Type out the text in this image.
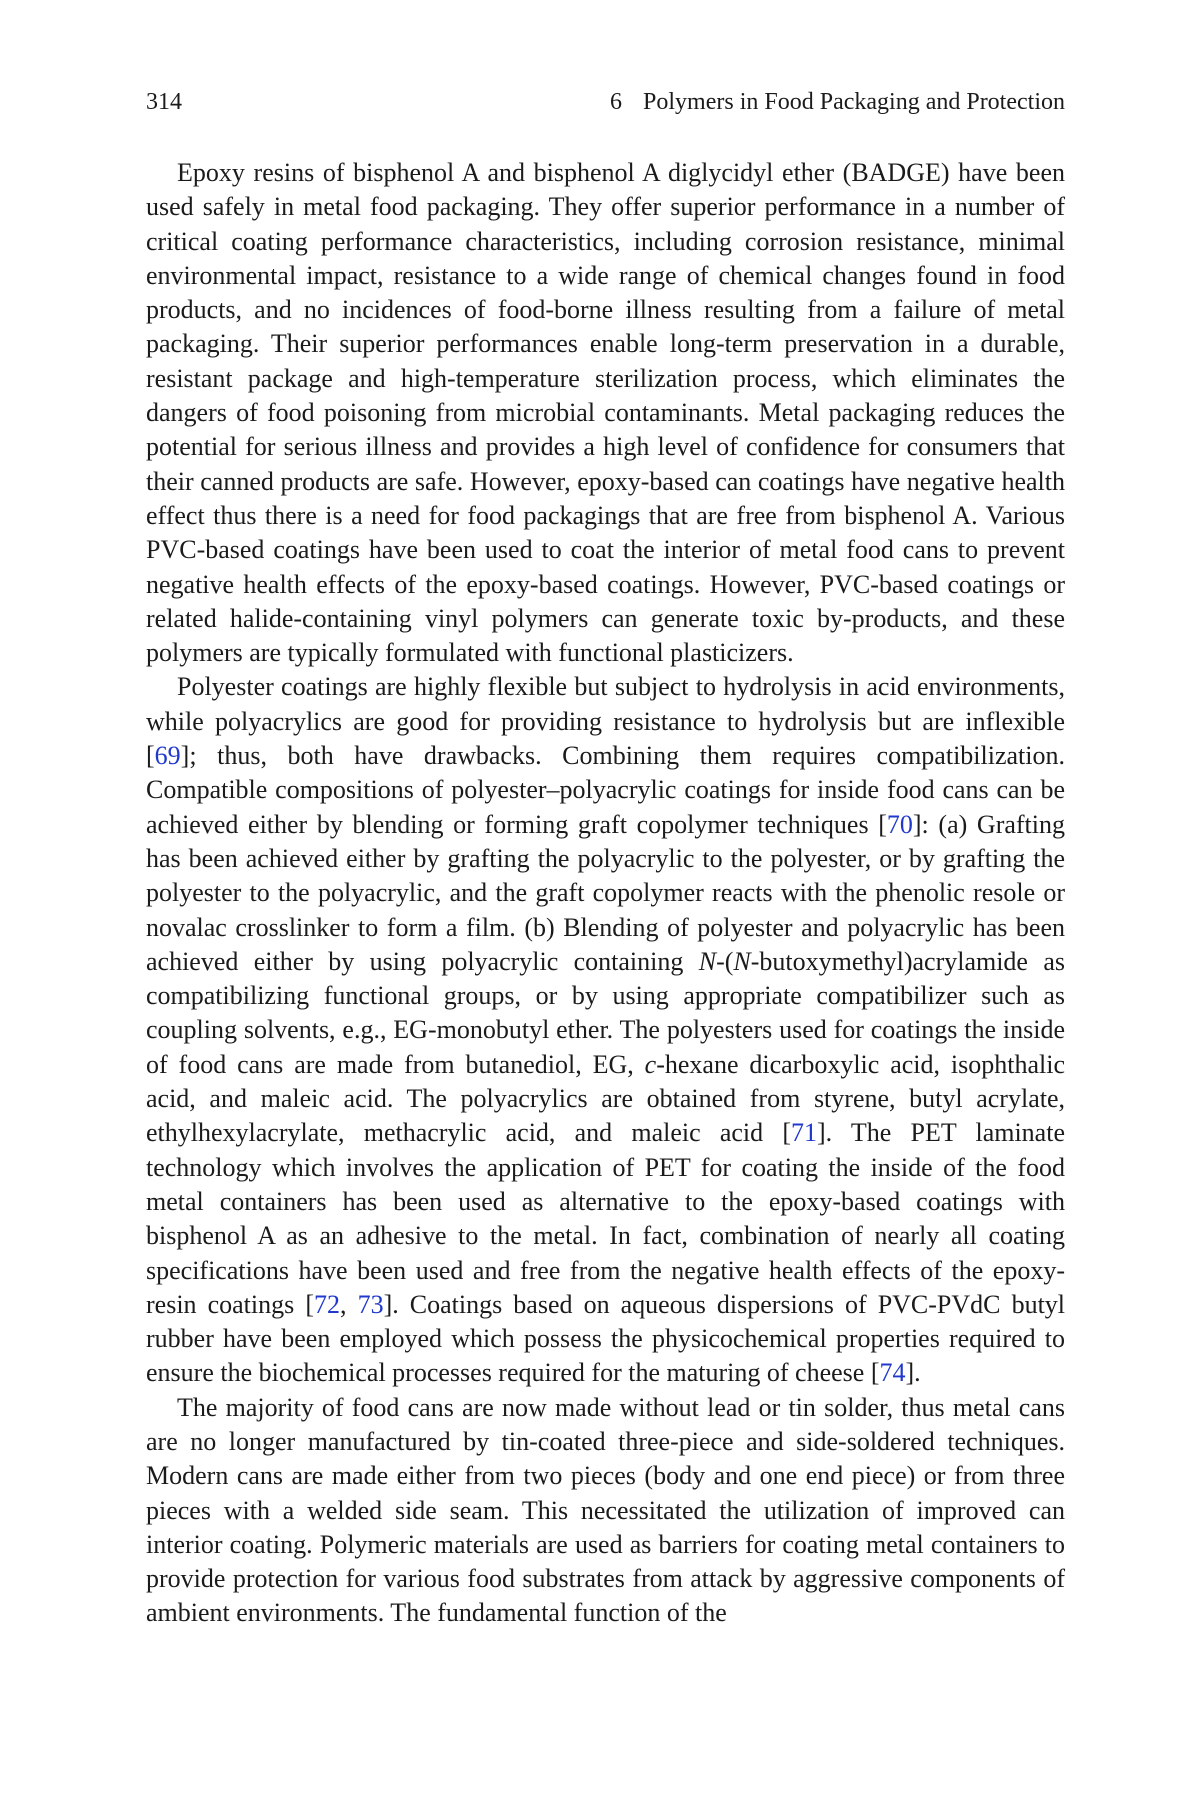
314	6 Polymers in Food Packaging and Protection

Epoxy resins of bisphenol A and bisphenol A diglycidyl ether (BADGE) have been used safely in metal food packaging. They offer superior performance in a number of critical coating performance characteristics, including corrosion resistance, minimal environmental impact, resistance to a wide range of chemical changes found in food products, and no incidences of food-borne illness resulting from a failure of metal packaging. Their superior performances enable long-term preservation in a durable, resistant package and high-temperature sterilization process, which eliminates the dangers of food poisoning from microbial contaminants. Metal packaging reduces the potential for serious illness and provides a high level of confidence for consumers that their canned products are safe. However, epoxy-based can coatings have negative health effect thus there is a need for food packagings that are free from bisphenol A. Various PVC-based coatings have been used to coat the interior of metal food cans to prevent negative health effects of the epoxy-based coatings. However, PVC-based coatings or related halide-containing vinyl polymers can generate toxic by-products, and these polymers are typically formulated with functional plasticizers.

Polyester coatings are highly flexible but subject to hydrolysis in acid environments, while polyacrylics are good for providing resistance to hydrolysis but are inflexible [69]; thus, both have drawbacks. Combining them requires compatibilization. Compatible compositions of polyester–polyacrylic coatings for inside food cans can be achieved either by blending or forming graft copolymer techniques [70]: (a) Grafting has been achieved either by grafting the polyacrylic to the polyester, or by grafting the polyester to the polyacrylic, and the graft copolymer reacts with the phenolic resole or novalac crosslinker to form a film. (b) Blending of polyester and polyacrylic has been achieved either by using polyacrylic containing N-(N-butoxymethyl)acrylamide as compatibilizing functional groups, or by using appropriate compatibilizer such as coupling solvents, e.g., EG-monobutyl ether. The polyesters used for coatings the inside of food cans are made from butanediol, EG, c-hexane dicarboxylic acid, isophthalic acid, and maleic acid. The polyacrylics are obtained from styrene, butyl acrylate, ethylhexylacrylate, methacrylic acid, and maleic acid [71]. The PET laminate technology which involves the application of PET for coating the inside of the food metal containers has been used as alternative to the epoxy-based coatings with bisphenol A as an adhesive to the metal. In fact, combination of nearly all coating specifications have been used and free from the negative health effects of the epoxy-resin coatings [72, 73]. Coatings based on aqueous dispersions of PVC-PVdC butyl rubber have been employed which possess the physicochemical properties required to ensure the biochemical processes required for the maturing of cheese [74].

The majority of food cans are now made without lead or tin solder, thus metal cans are no longer manufactured by tin-coated three-piece and side-soldered techniques. Modern cans are made either from two pieces (body and one end piece) or from three pieces with a welded side seam. This necessitated the utilization of improved can interior coating. Polymeric materials are used as barriers for coating metal containers to provide protection for various food substrates from attack by aggressive components of ambient environments. The fundamental function of the
